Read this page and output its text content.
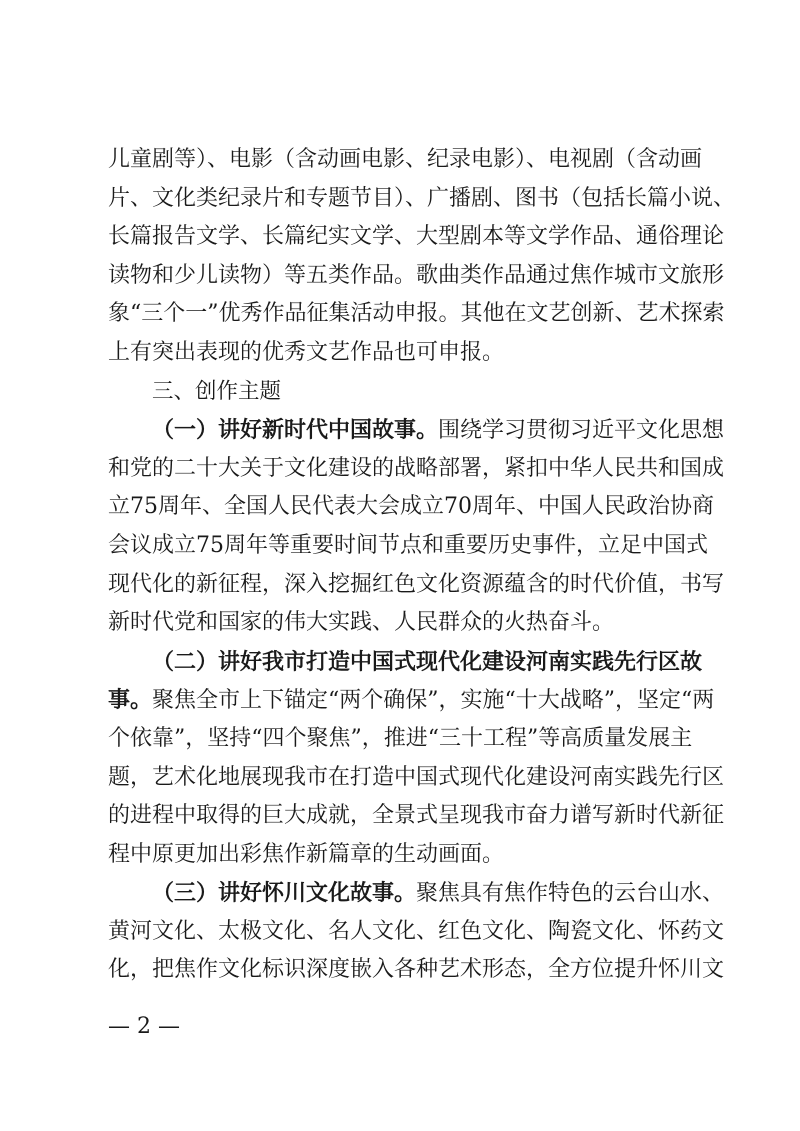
儿童剧等）、电影（含动画电影、纪录电影）、电视剧（含动画
片、文化类纪录片和专题节目）、广播剧、图书（包括长篇小说、
长篇报告文学、长篇纪实文学、大型剧本等文学作品、通俗理论
读物和少儿读物）等五类作品。歌曲类作品通过焦作城市文旅形
象“三个一”优秀作品征集活动申报。其他在文艺创新、艺术探索
上有突出表现的优秀文艺作品也可申报。
三、创作主题
（一）讲好新时代中国故事。围绕学习贯彻习近平文化思想
和党的二十大关于文化建设的战略部署，紧扣中华人民共和国成
立75周年、全国人民代表大会成立70周年、中国人民政治协商
会议成立75周年等重要时间节点和重要历史事件，立足中国式
现代化的新征程，深入挖掘红色文化资源蕴含的时代价值，书写
新时代党和国家的伟大实践、人民群众的火热奋斗。
（二）讲好我市打造中国式现代化建设河南实践先行区故
事。聚焦全市上下锚定“两个确保”，实施“十大战略”，坚定“两
个依靠”，坚持“四个聚焦”，推进“三十工程”等高质量发展主
题，艺术化地展现我市在打造中国式现代化建设河南实践先行区
的进程中取得的巨大成就，全景式呈现我市奋力谱写新时代新征
程中原更加出彩焦作新篇章的生动画面。
（三）讲好怀川文化故事。聚焦具有焦作特色的云台山水、
黄河文化、太极文化、名人文化、红色文化、陶瓷文化、怀药文
化，把焦作文化标识深度嵌入各种艺术形态，全方位提升怀川文
— 2 —
